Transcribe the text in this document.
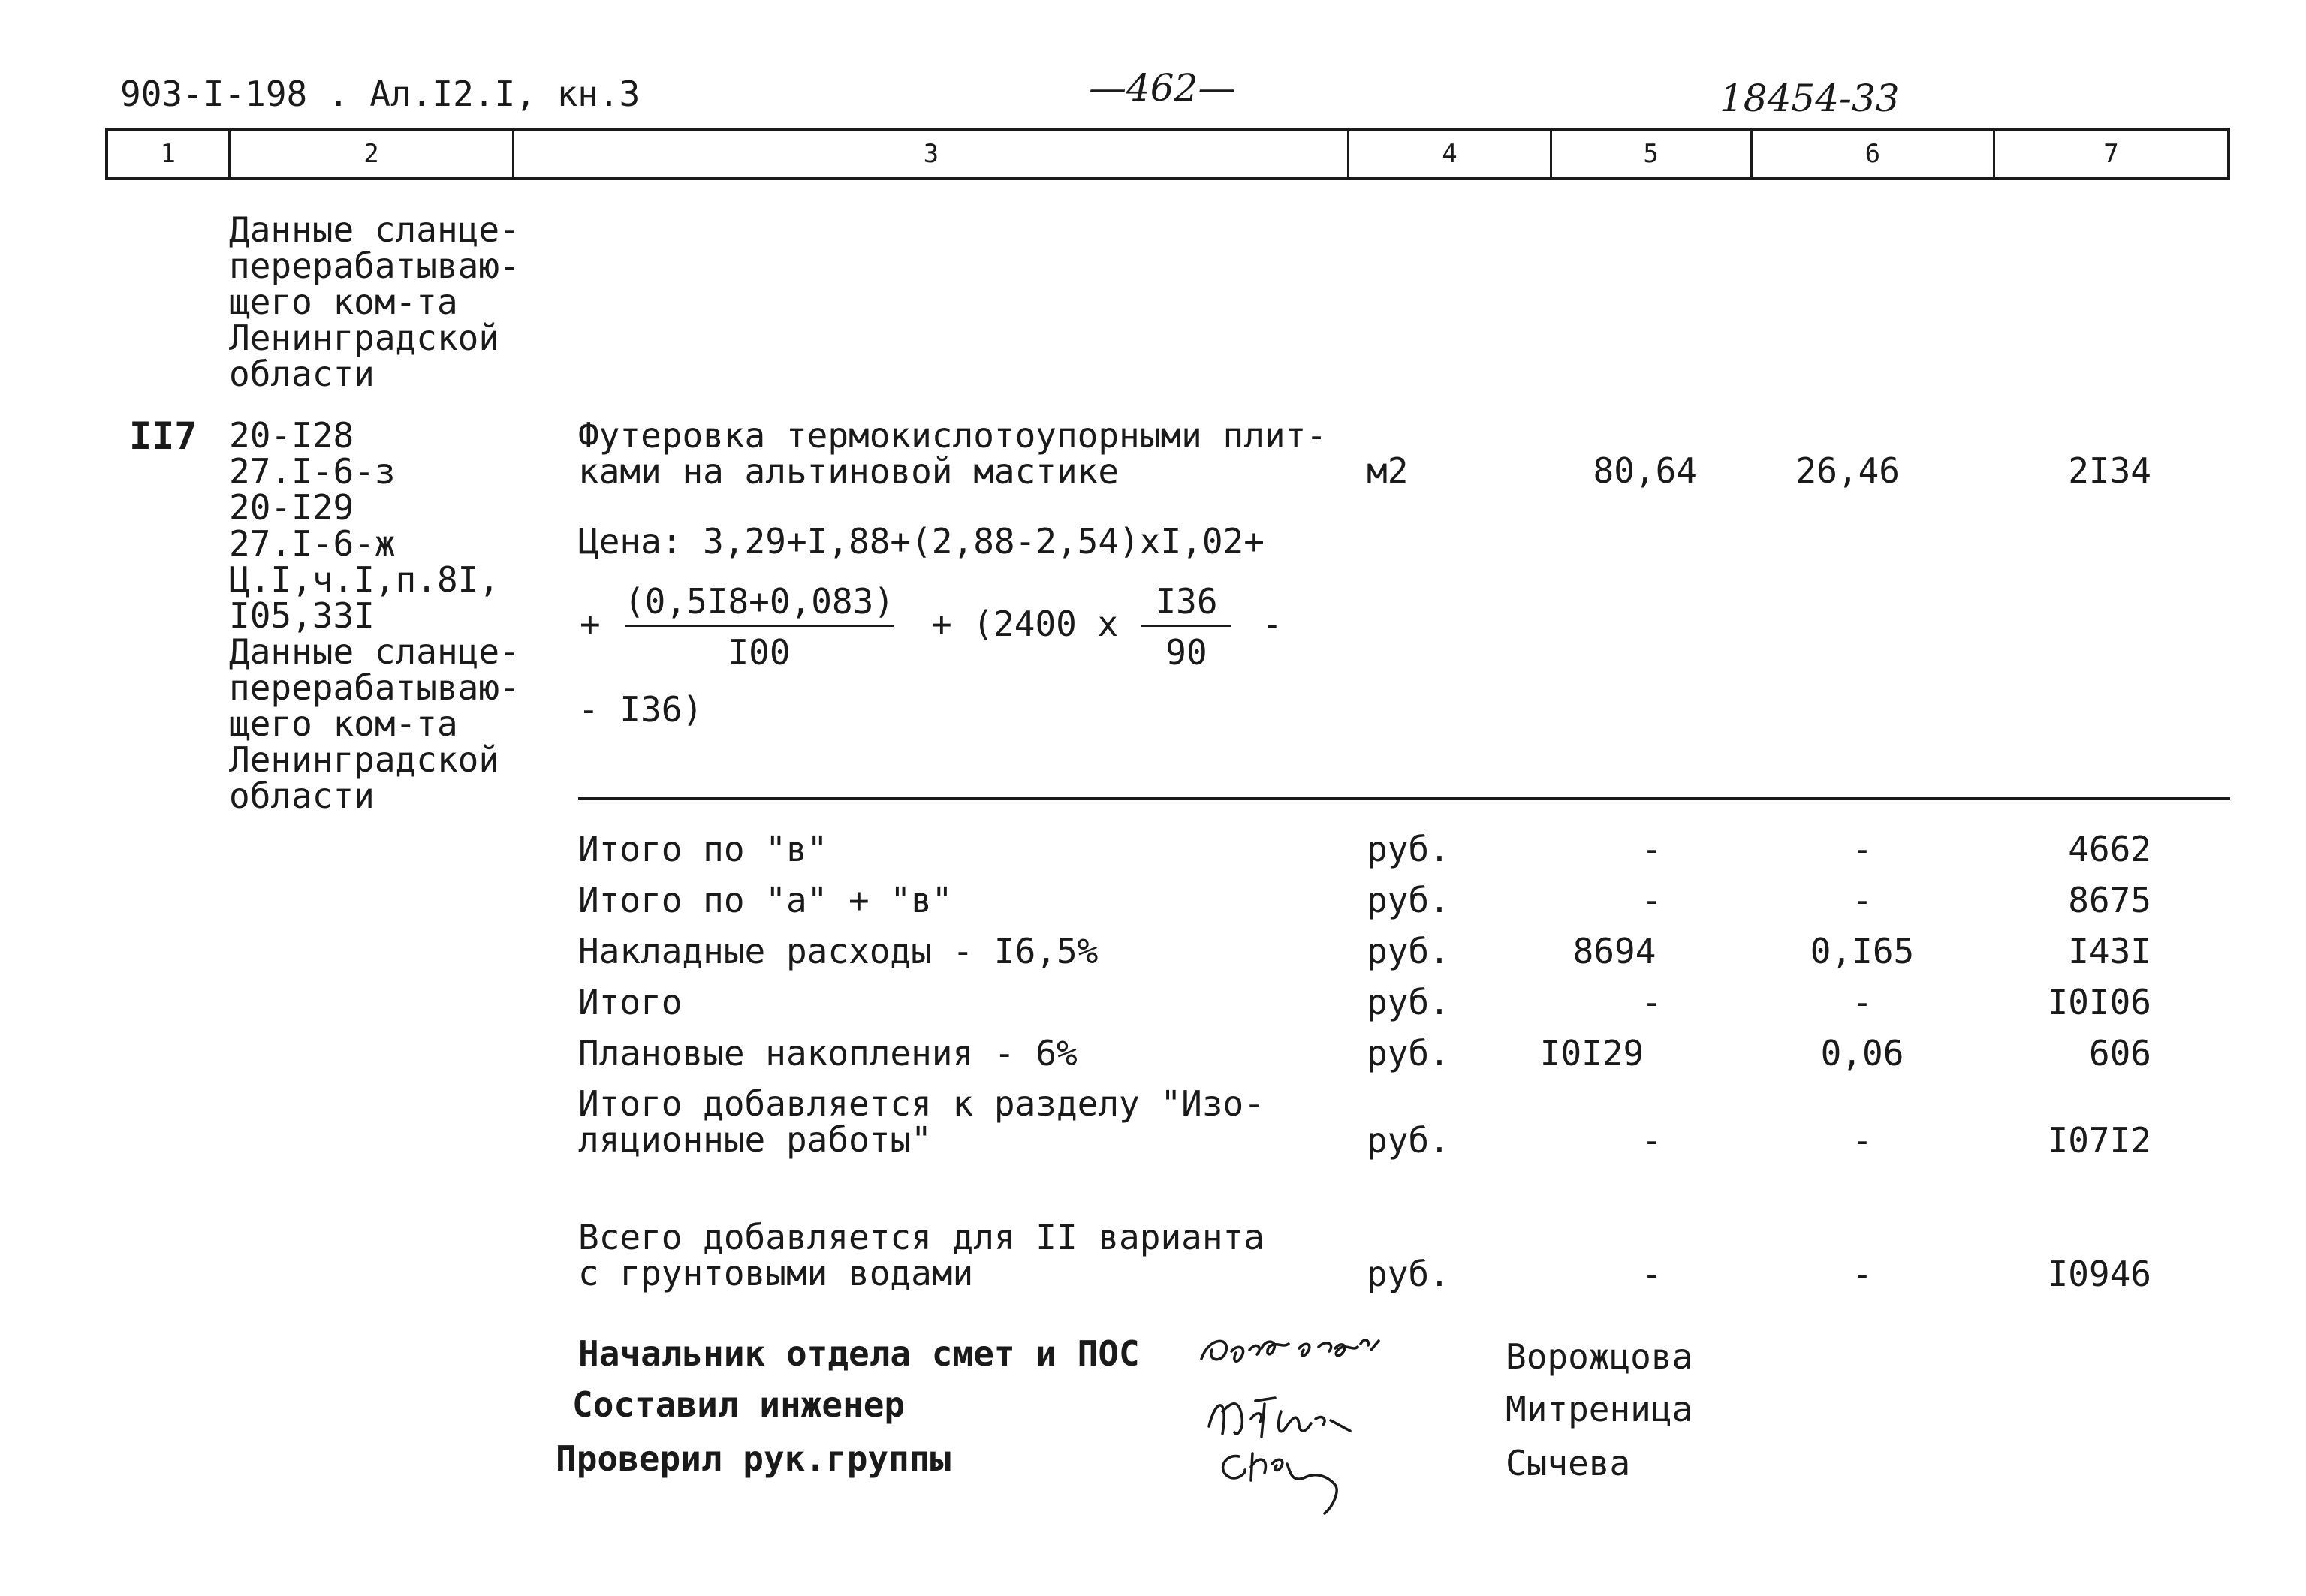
903-I-198 . Ал.I2.I, кн.3	—462—	18454-33
1	2	3	4	5	6	7
Данные сланце-
перерабатываю-
щего ком-та
Ленинградской
области
II7 20-I28
27.I-6-з
20-I29
27.I-6-ж
Ц.I,ч.I,п.8I,
I05,33I
Данные сланце-
перерабатываю-
щего ком-та
Ленинградской
области
Футеровка термокислотоупорными плит-
ками на альтиновой мастике	м2	80,64	26,46	2I34
Цена: 3,29+I,88+(2,88-2,54)xI,02+
+
(0,5I8+0,083)
I00
+ (2400 x
I36
90
-
- I36)
Итого по "в"	руб.	-	-	4662
Итого по "а" + "в"	руб.	-	-	8675
Накладные расходы - I6,5%	руб.	8694	0,I65	I43I
Итого	руб.	-	-	I0I06
Плановые накопления - 6%	руб.	I0I29	0,06	606
Итого добавляется к разделу "Изо-
ляционные работы"	руб.	-	-	I07I2
Всего добавляется для II варианта
с грунтовыми водами	руб.	-	-	I0946
Начальник отдела смет и ПОС	Ворожцова
Составил инженер	Митреница
Проверил рук.группы	Сычева
